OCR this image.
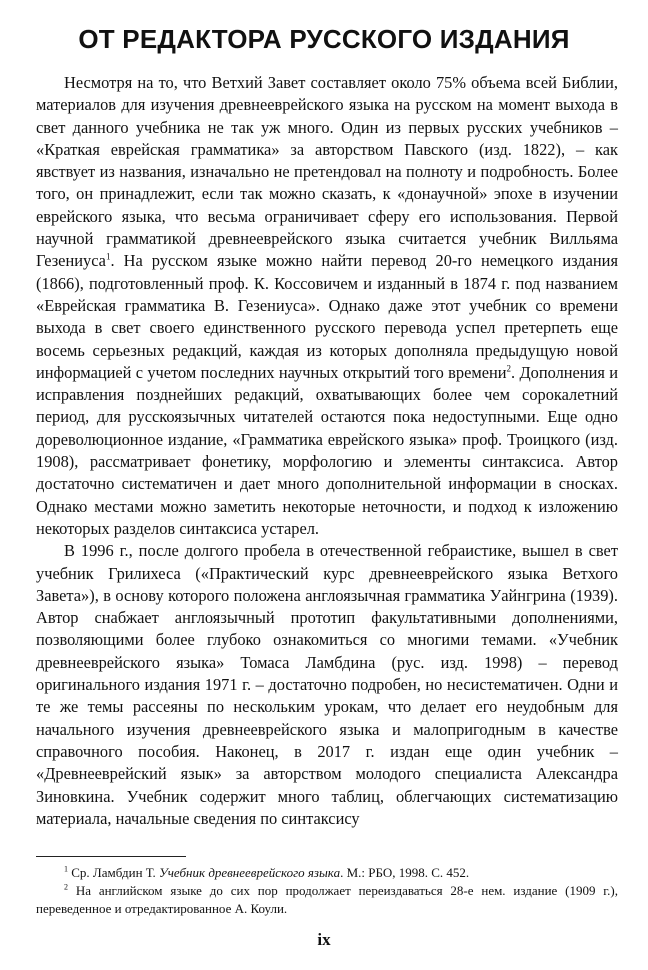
ОТ РЕДАКТОРА РУССКОГО ИЗДАНИЯ

Несмотря на то, что Ветхий Завет составляет около 75% объема всей Библии, материалов для изучения древнееврейского языка на русском на момент выхода в свет данного учебника не так уж много. Один из первых русских учебников – «Краткая еврейская грамматика» за авторством Павского (изд. 1822), – как явствует из названия, изначально не претендовал на полноту и подробность. Более того, он принадлежит, если так можно сказать, к «донаучной» эпохе в изучении еврейского языка, что весьма ограничивает сферу его использования. Первой научной грамматикой древнееврейского языка считается учебник Вилльяма Гезениуса$^1$. На русском языке можно найти перевод 20-го немецкого издания (1866), подготовленный проф. К. Коссовичем и изданный в 1874 г. под названием «Еврейская грамматика В. Гезениуса». Однако даже этот учебник со времени выхода в свет своего единственного русского перевода успел претерпеть еще восемь серьезных редакций, каждая из которых дополняла предыдущую новой информацией с учетом последних научных открытий того времени$^2$. Дополнения и исправления позднейших редакций, охватывающих более чем сорокалетний период, для русскоязычных читателей остаются пока недоступными. Еще одно дореволюционное издание, «Грамматика еврейского языка» проф. Троицкого (изд. 1908), рассматривает фонетику, морфологию и элементы синтаксиса. Автор достаточно систематичен и дает много дополнительной информации в сносках. Однако местами можно заметить некоторые неточности, и подход к изложению некоторых разделов синтаксиса устарел.

В 1996 г., после долгого пробела в отечественной гебраистике, вышел в свет учебник Грилихеса («Практический курс древнееврейского языка Ветхого Завета»), в основу которого положена англоязычная грамматика Уайнгрина (1939). Автор снабжает англоязычный прототип факультативными дополнениями, позволяющими более глубоко ознакомиться со многими темами. «Учебник древнееврейского языка» Томаса Ламбдина (рус. изд. 1998) – перевод оригинального издания 1971 г. – достаточно подробен, но несистематичен. Одни и те же темы рассеяны по нескольким урокам, что делает его неудобным для начального изучения древнееврейского языка и малопригодным в качестве справочного пособия. Наконец, в 2017 г. издан еще один учебник – «Древнееврейский язык» за авторством молодого специалиста Александра Зиновкина. Учебник содержит много таблиц, облегчающих систематизацию материала, начальные сведения по синтаксису

$^1$ Ср. Ламбдин Т. Учебник древнееврейского языка. М.: РБО, 1998. С. 452.

$^2$ На английском языке до сих пор продолжает переиздаваться 28-е нем. издание (1909 г.), переведенное и отредактированное А. Коули.

ix
